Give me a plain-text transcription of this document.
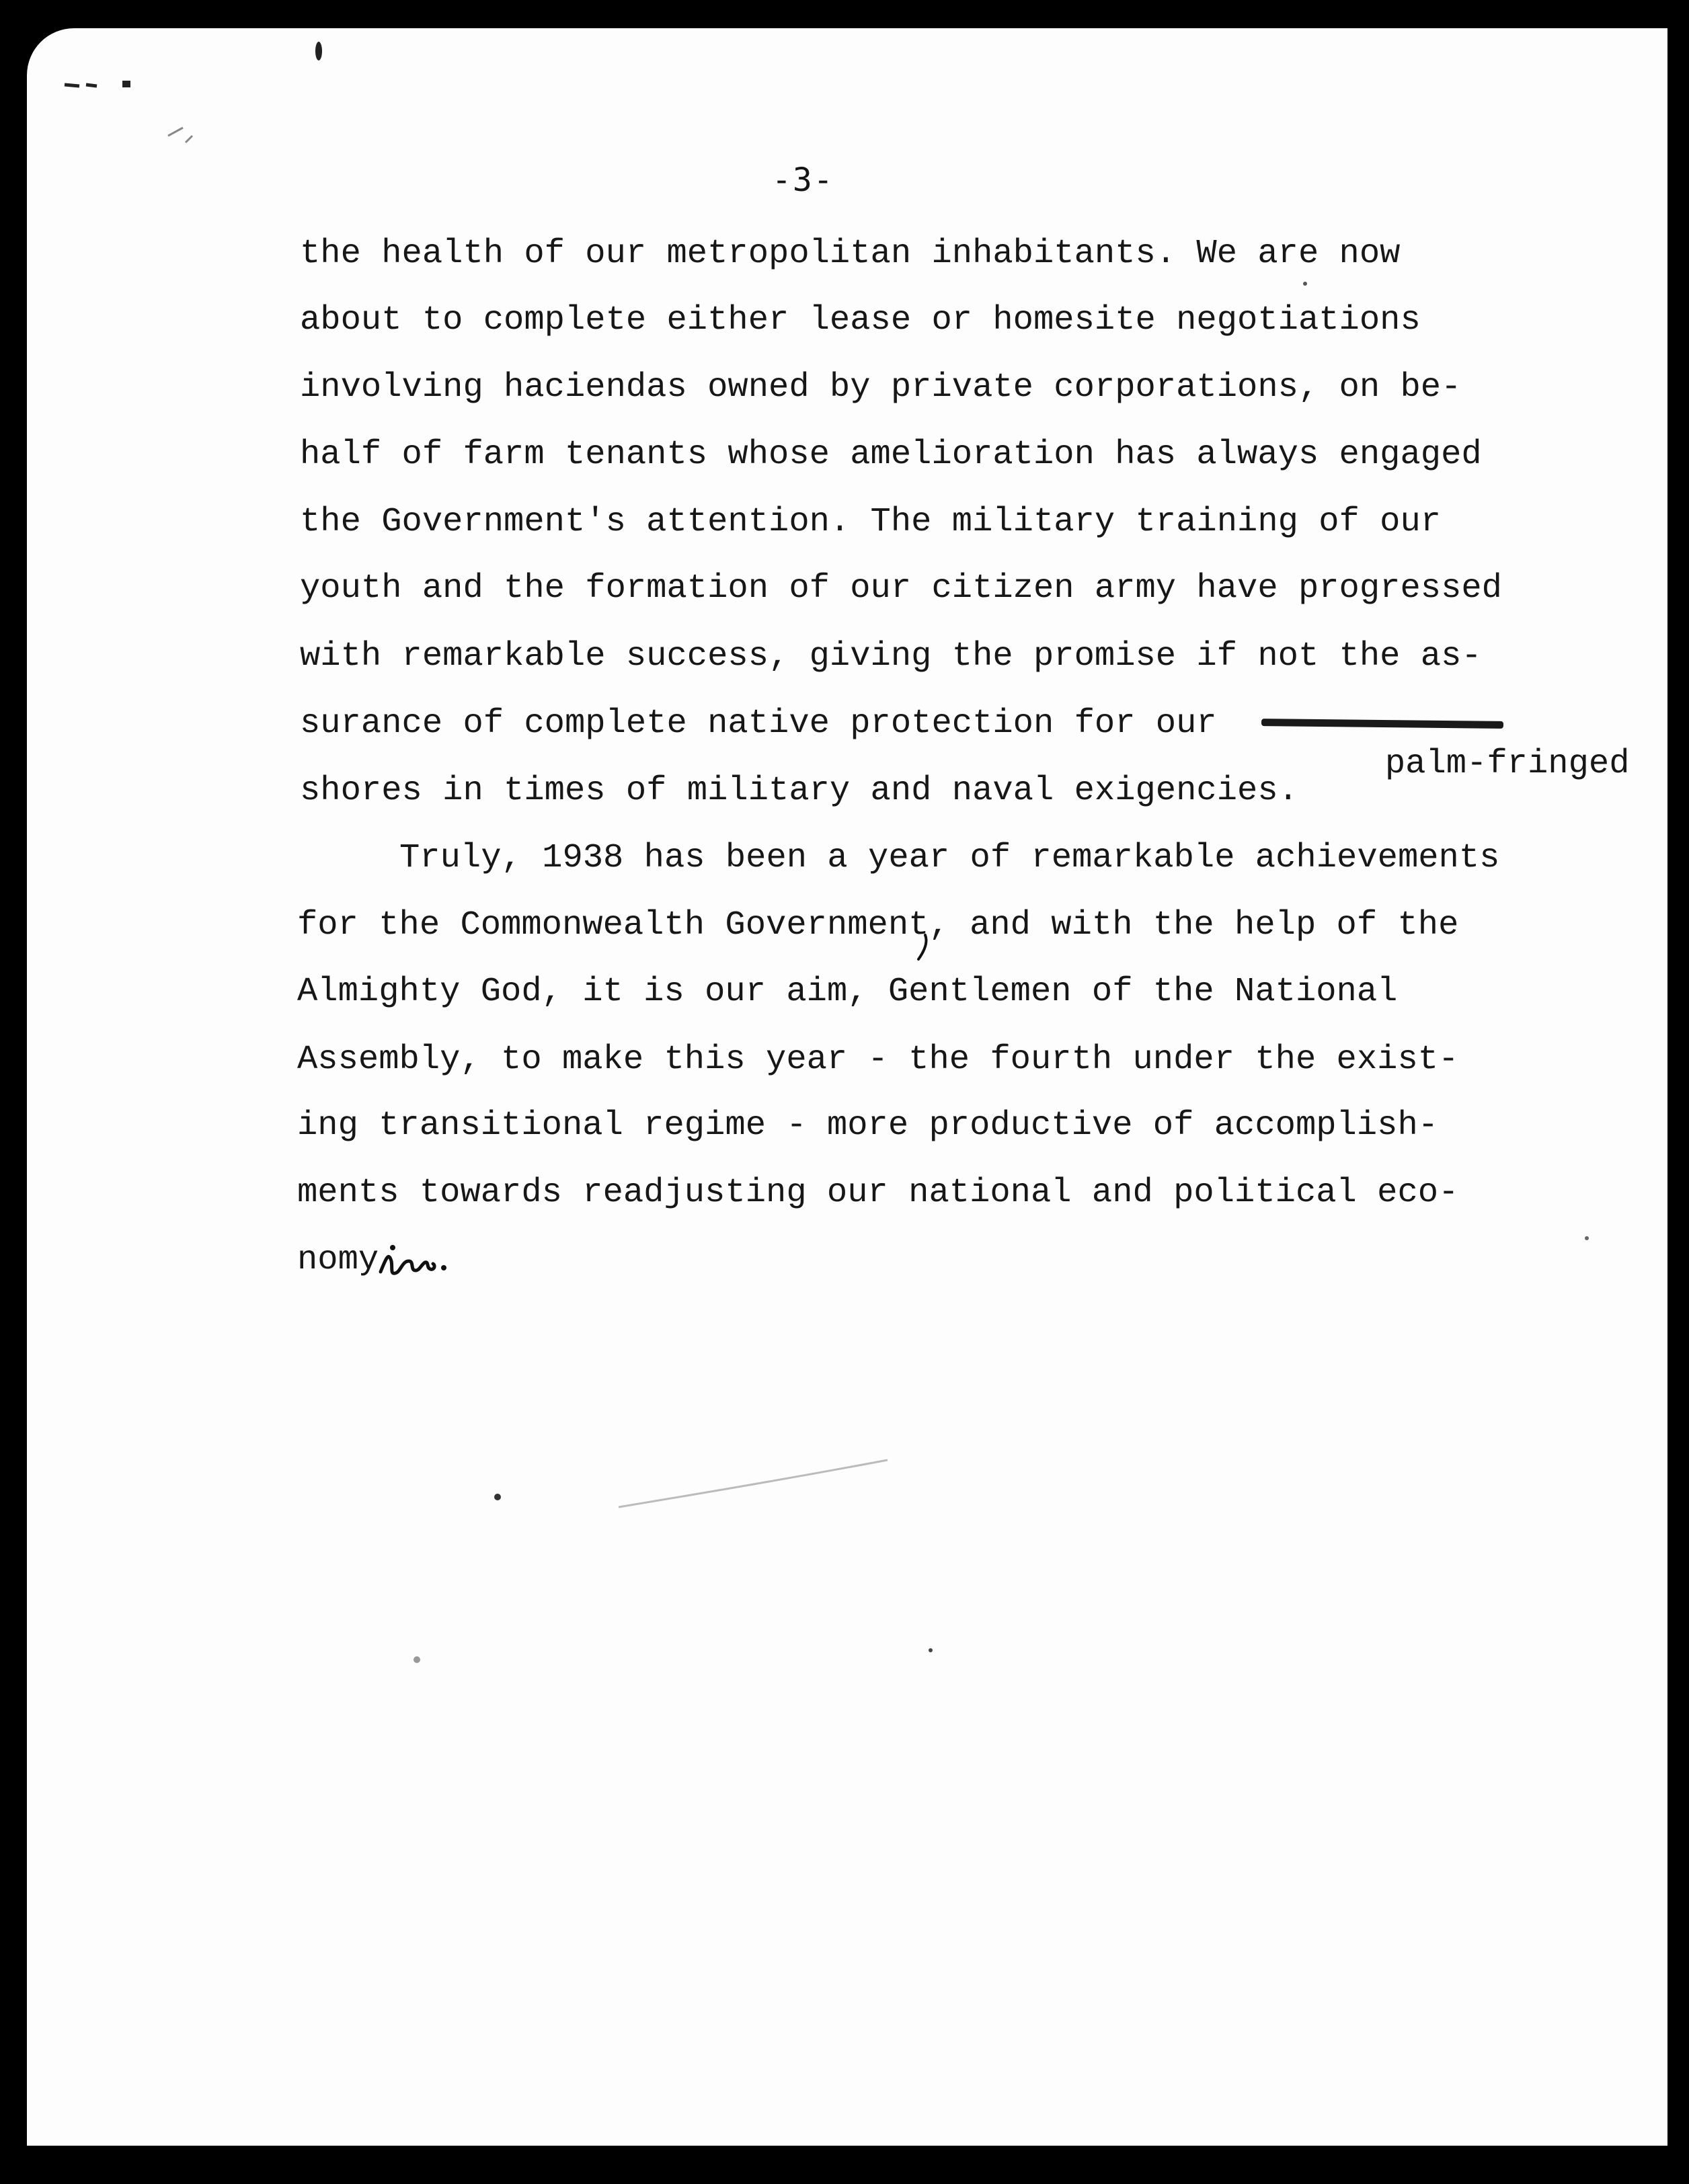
-3-
the health of our metropolitan inhabitants. We are now
about to complete either lease or homesite negotiations
involving haciendas owned by private corporations, on be-
half of farm tenants whose amelioration has always engaged
the Government's attention. The military training of our
youth and the formation of our citizen army have progressed
with remarkable success, giving the promise if not the as-
surance of complete native protection for our

palm-fringed

shores in times of military and naval exigencies.
Truly, 1938 has been a year of remarkable achievements
for the Commonwealth Government, and with the help of the
Almighty God, it is our aim, Gentlemen of the National
Assembly, to make this year - the fourth under the exist-
ing transitional regime - more productive of accomplish-
ments towards readjusting our national and political eco-
nomy
